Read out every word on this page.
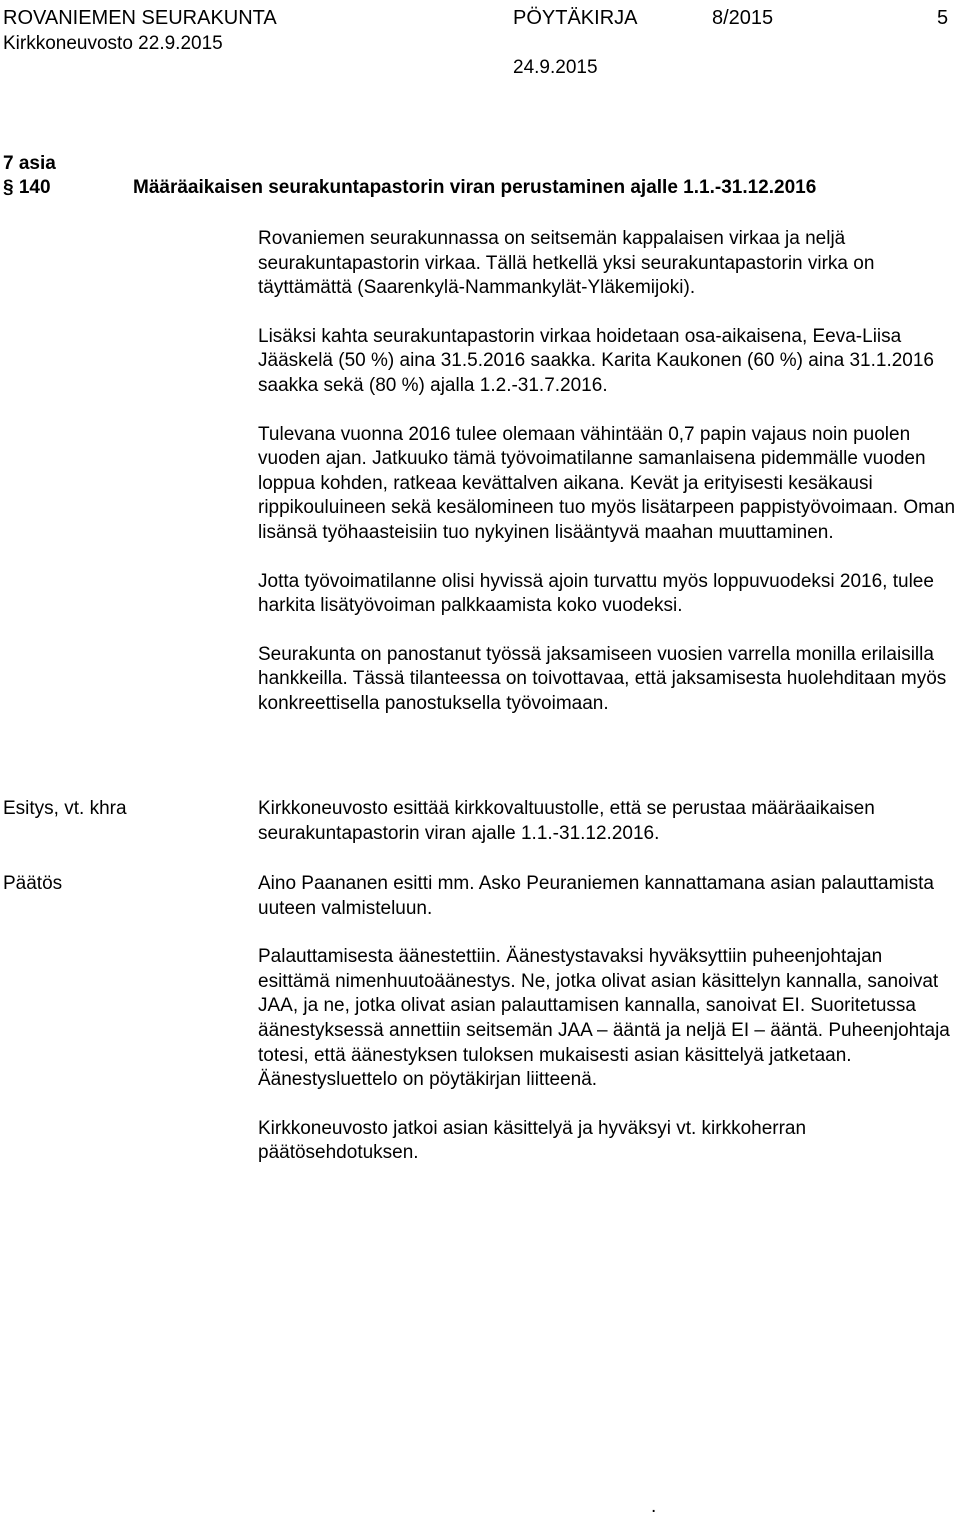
ROVANIEMEN SEURAKUNTA	PÖYTÄKIRJA	8/2015	5
Kirkkoneuvosto 22.9.2015
24.9.2015
7 asia
§ 140	Määräaikaisen seurakuntapastorin viran perustaminen ajalle 1.1.-31.12.2016

Rovaniemen seurakunnassa on seitsemän kappalaisen virkaa ja neljä seurakuntapastorin virkaa. Tällä hetkellä yksi seurakuntapastorin virka on täyttämättä (Saarenkylä-Nammankylät-Yläkemijoki).

Lisäksi kahta seurakuntapastorin virkaa hoidetaan osa-aikaisena, Eeva-Liisa Jääskelä (50 %) aina 31.5.2016 saakka. Karita Kaukonen (60 %) aina 31.1.2016 saakka sekä (80 %) ajalla 1.2.-31.7.2016.

Tulevana vuonna 2016 tulee olemaan vähintään 0,7 papin vajaus noin puolen vuoden ajan. Jatkuuko tämä työvoimatilanne samanlaisena pidemmälle vuoden loppua kohden, ratkeaa kevättalven aikana. Kevät ja erityisesti kesäkausi rippikouluineen sekä kesälomineen tuo myös lisätarpeen pappistyövoimaan. Oman lisänsä työhaasteisiin tuo nykyinen lisääntyvä maahan muuttaminen.

Jotta työvoimatilanne olisi hyvissä ajoin turvattu myös loppuvuodeksi 2016, tulee harkita lisätyövoiman palkkaamista koko vuodeksi.

Seurakunta on panostanut työssä jaksamiseen vuosien varrella monilla erilaisilla hankkeilla. Tässä tilanteessa on toivottavaa, että jaksamisesta huolehditaan myös konkreettisella panostuksella työvoimaan.

Esitys, vt. khra	Kirkkoneuvosto esittää kirkkovaltuustolle, että se perustaa määräaikaisen seurakuntapastorin viran ajalle 1.1.-31.12.2016.
Päätös	Aino Paananen esitti mm. Asko Peuraniemen kannattamana asian palauttamista uuteen valmisteluun.

Palauttamisesta äänestettiin. Äänestystavaksi hyväksyttiin puheenjohtajan esittämä nimenhuutoäänestys. Ne, jotka olivat asian käsittelyn kannalla, sanoivat JAA, ja ne, jotka olivat asian palauttamisen kannalla, sanoivat EI. Suoritetussa äänestyksessä annettiin seitsemän JAA – ääntä ja neljä EI – ääntä. Puheenjohtaja totesi, että äänestyksen tuloksen mukaisesti asian käsittelyä jatketaan. Äänestysluettelo on pöytäkirjan liitteenä.

Kirkkoneuvosto jatkoi asian käsittelyä ja hyväksyi vt. kirkkoherran päätösehdotuksen.

.
